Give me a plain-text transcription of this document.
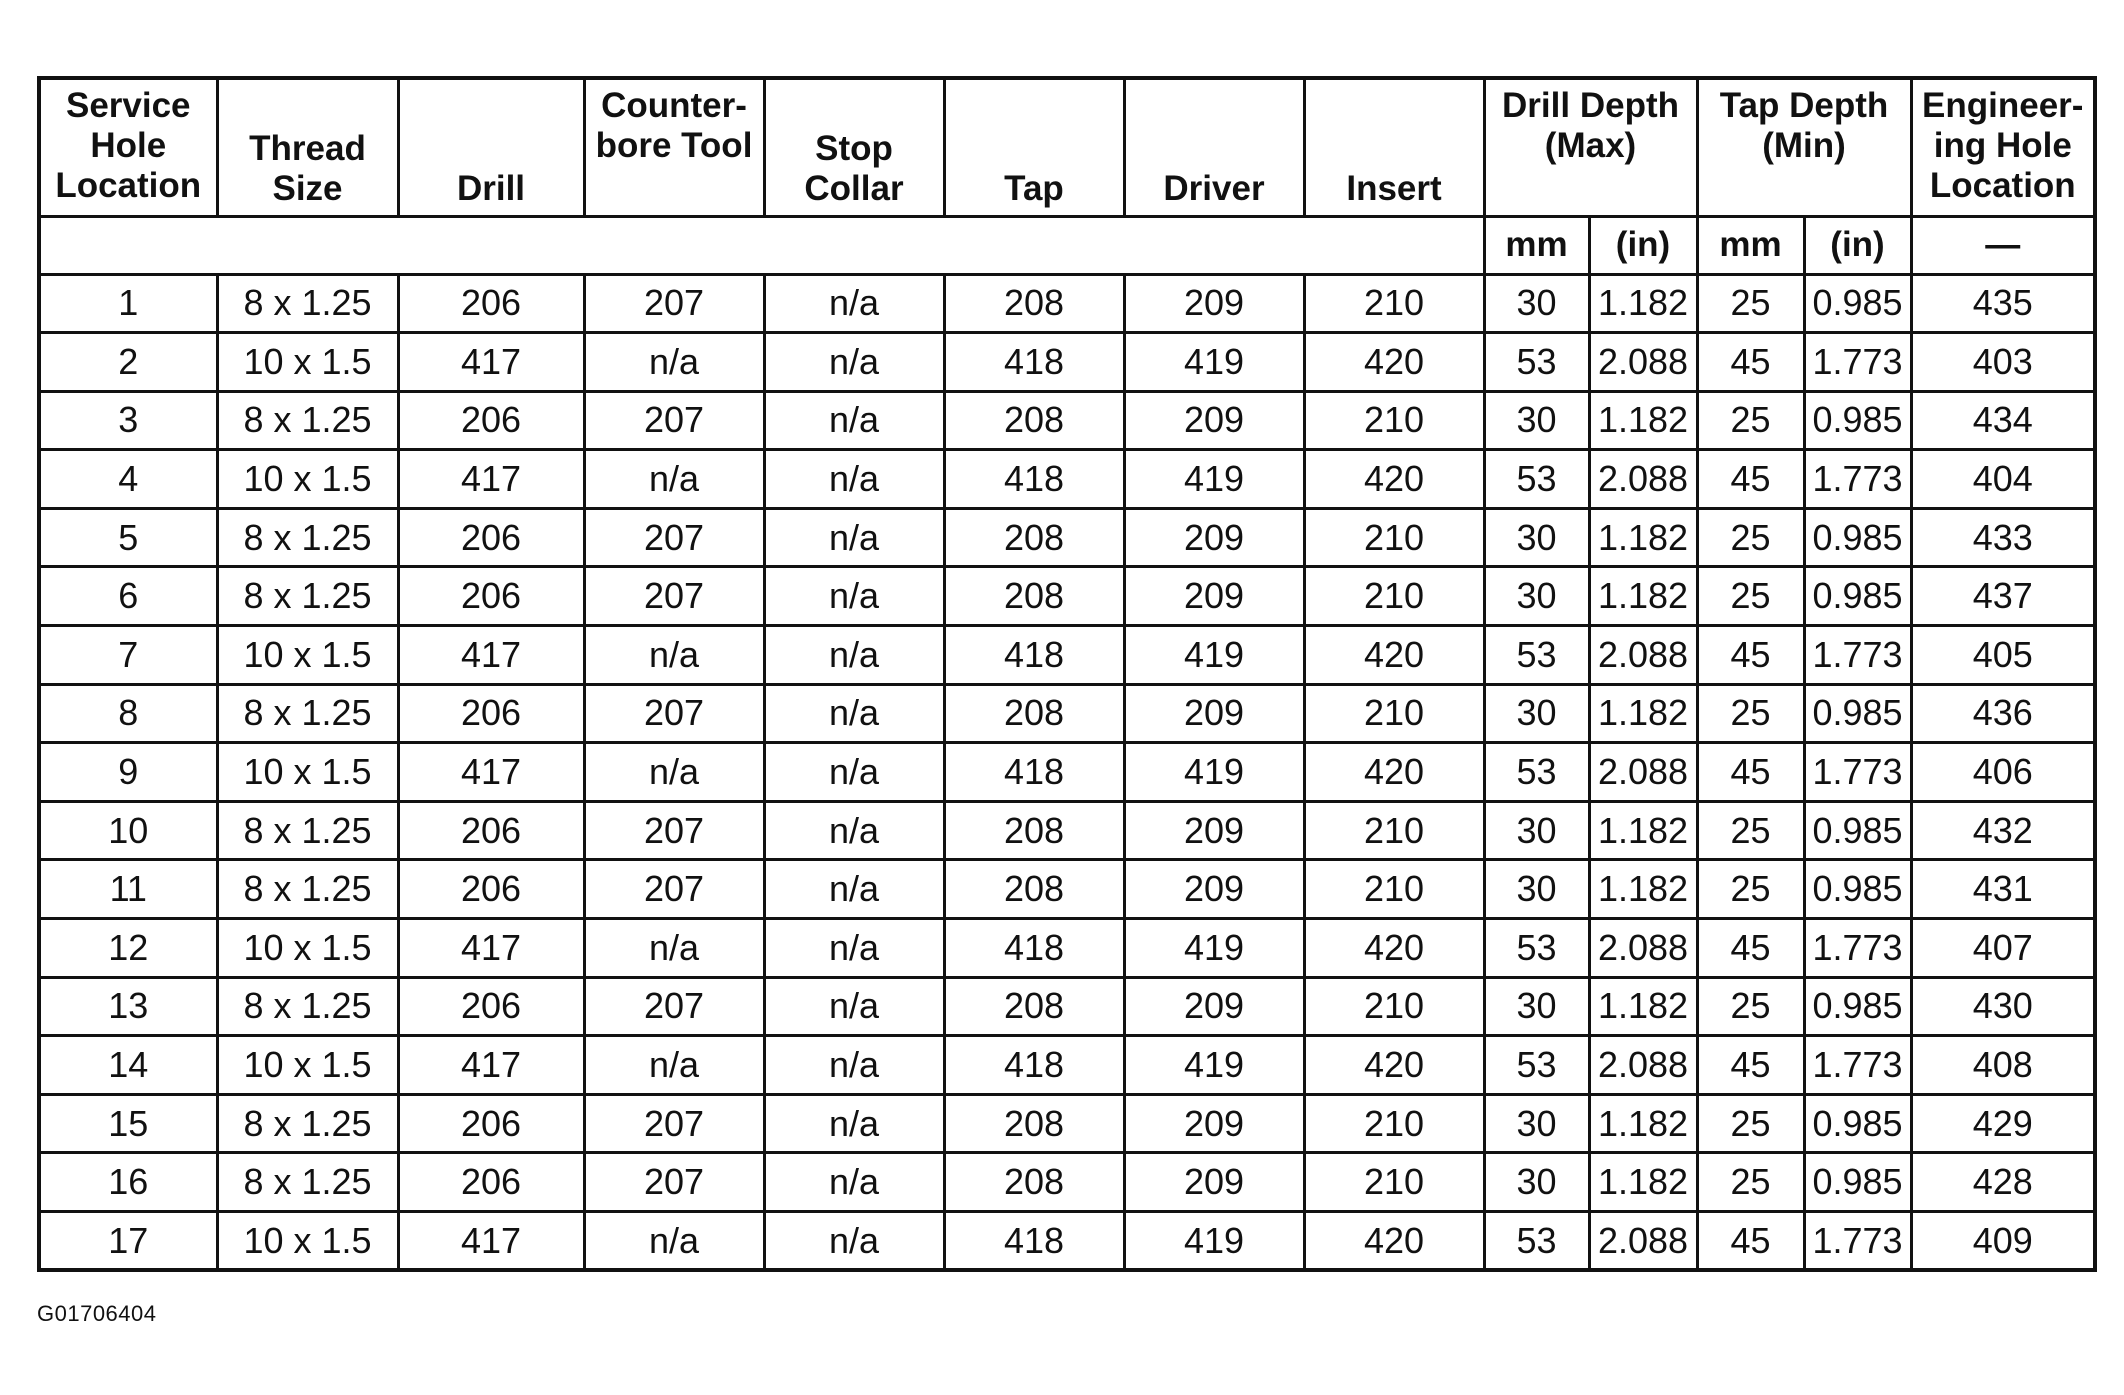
Service Hole Location	Thread Size	Drill	Counter-bore Tool	Stop Collar	Tap	Driver	Insert	Drill Depth (Max)		Tap Depth (Min)		Engineer-ing Hole Location
								mm	(in)	mm	(in)	—
1	8 x 1.25	206	207	n/a	208	209	210	30	1.182	25	0.985	435
2	10 x 1.5	417	n/a	n/a	418	419	420	53	2.088	45	1.773	403
3	8 x 1.25	206	207	n/a	208	209	210	30	1.182	25	0.985	434
4	10 x 1.5	417	n/a	n/a	418	419	420	53	2.088	45	1.773	404
5	8 x 1.25	206	207	n/a	208	209	210	30	1.182	25	0.985	433
6	8 x 1.25	206	207	n/a	208	209	210	30	1.182	25	0.985	437
7	10 x 1.5	417	n/a	n/a	418	419	420	53	2.088	45	1.773	405
8	8 x 1.25	206	207	n/a	208	209	210	30	1.182	25	0.985	436
9	10 x 1.5	417	n/a	n/a	418	419	420	53	2.088	45	1.773	406
10	8 x 1.25	206	207	n/a	208	209	210	30	1.182	25	0.985	432
11	8 x 1.25	206	207	n/a	208	209	210	30	1.182	25	0.985	431
12	10 x 1.5	417	n/a	n/a	418	419	420	53	2.088	45	1.773	407
13	8 x 1.25	206	207	n/a	208	209	210	30	1.182	25	0.985	430
14	10 x 1.5	417	n/a	n/a	418	419	420	53	2.088	45	1.773	408
15	8 x 1.25	206	207	n/a	208	209	210	30	1.182	25	0.985	429
16	8 x 1.25	206	207	n/a	208	209	210	30	1.182	25	0.985	428
17	10 x 1.5	417	n/a	n/a	418	419	420	53	2.088	45	1.773	409
G01706404
